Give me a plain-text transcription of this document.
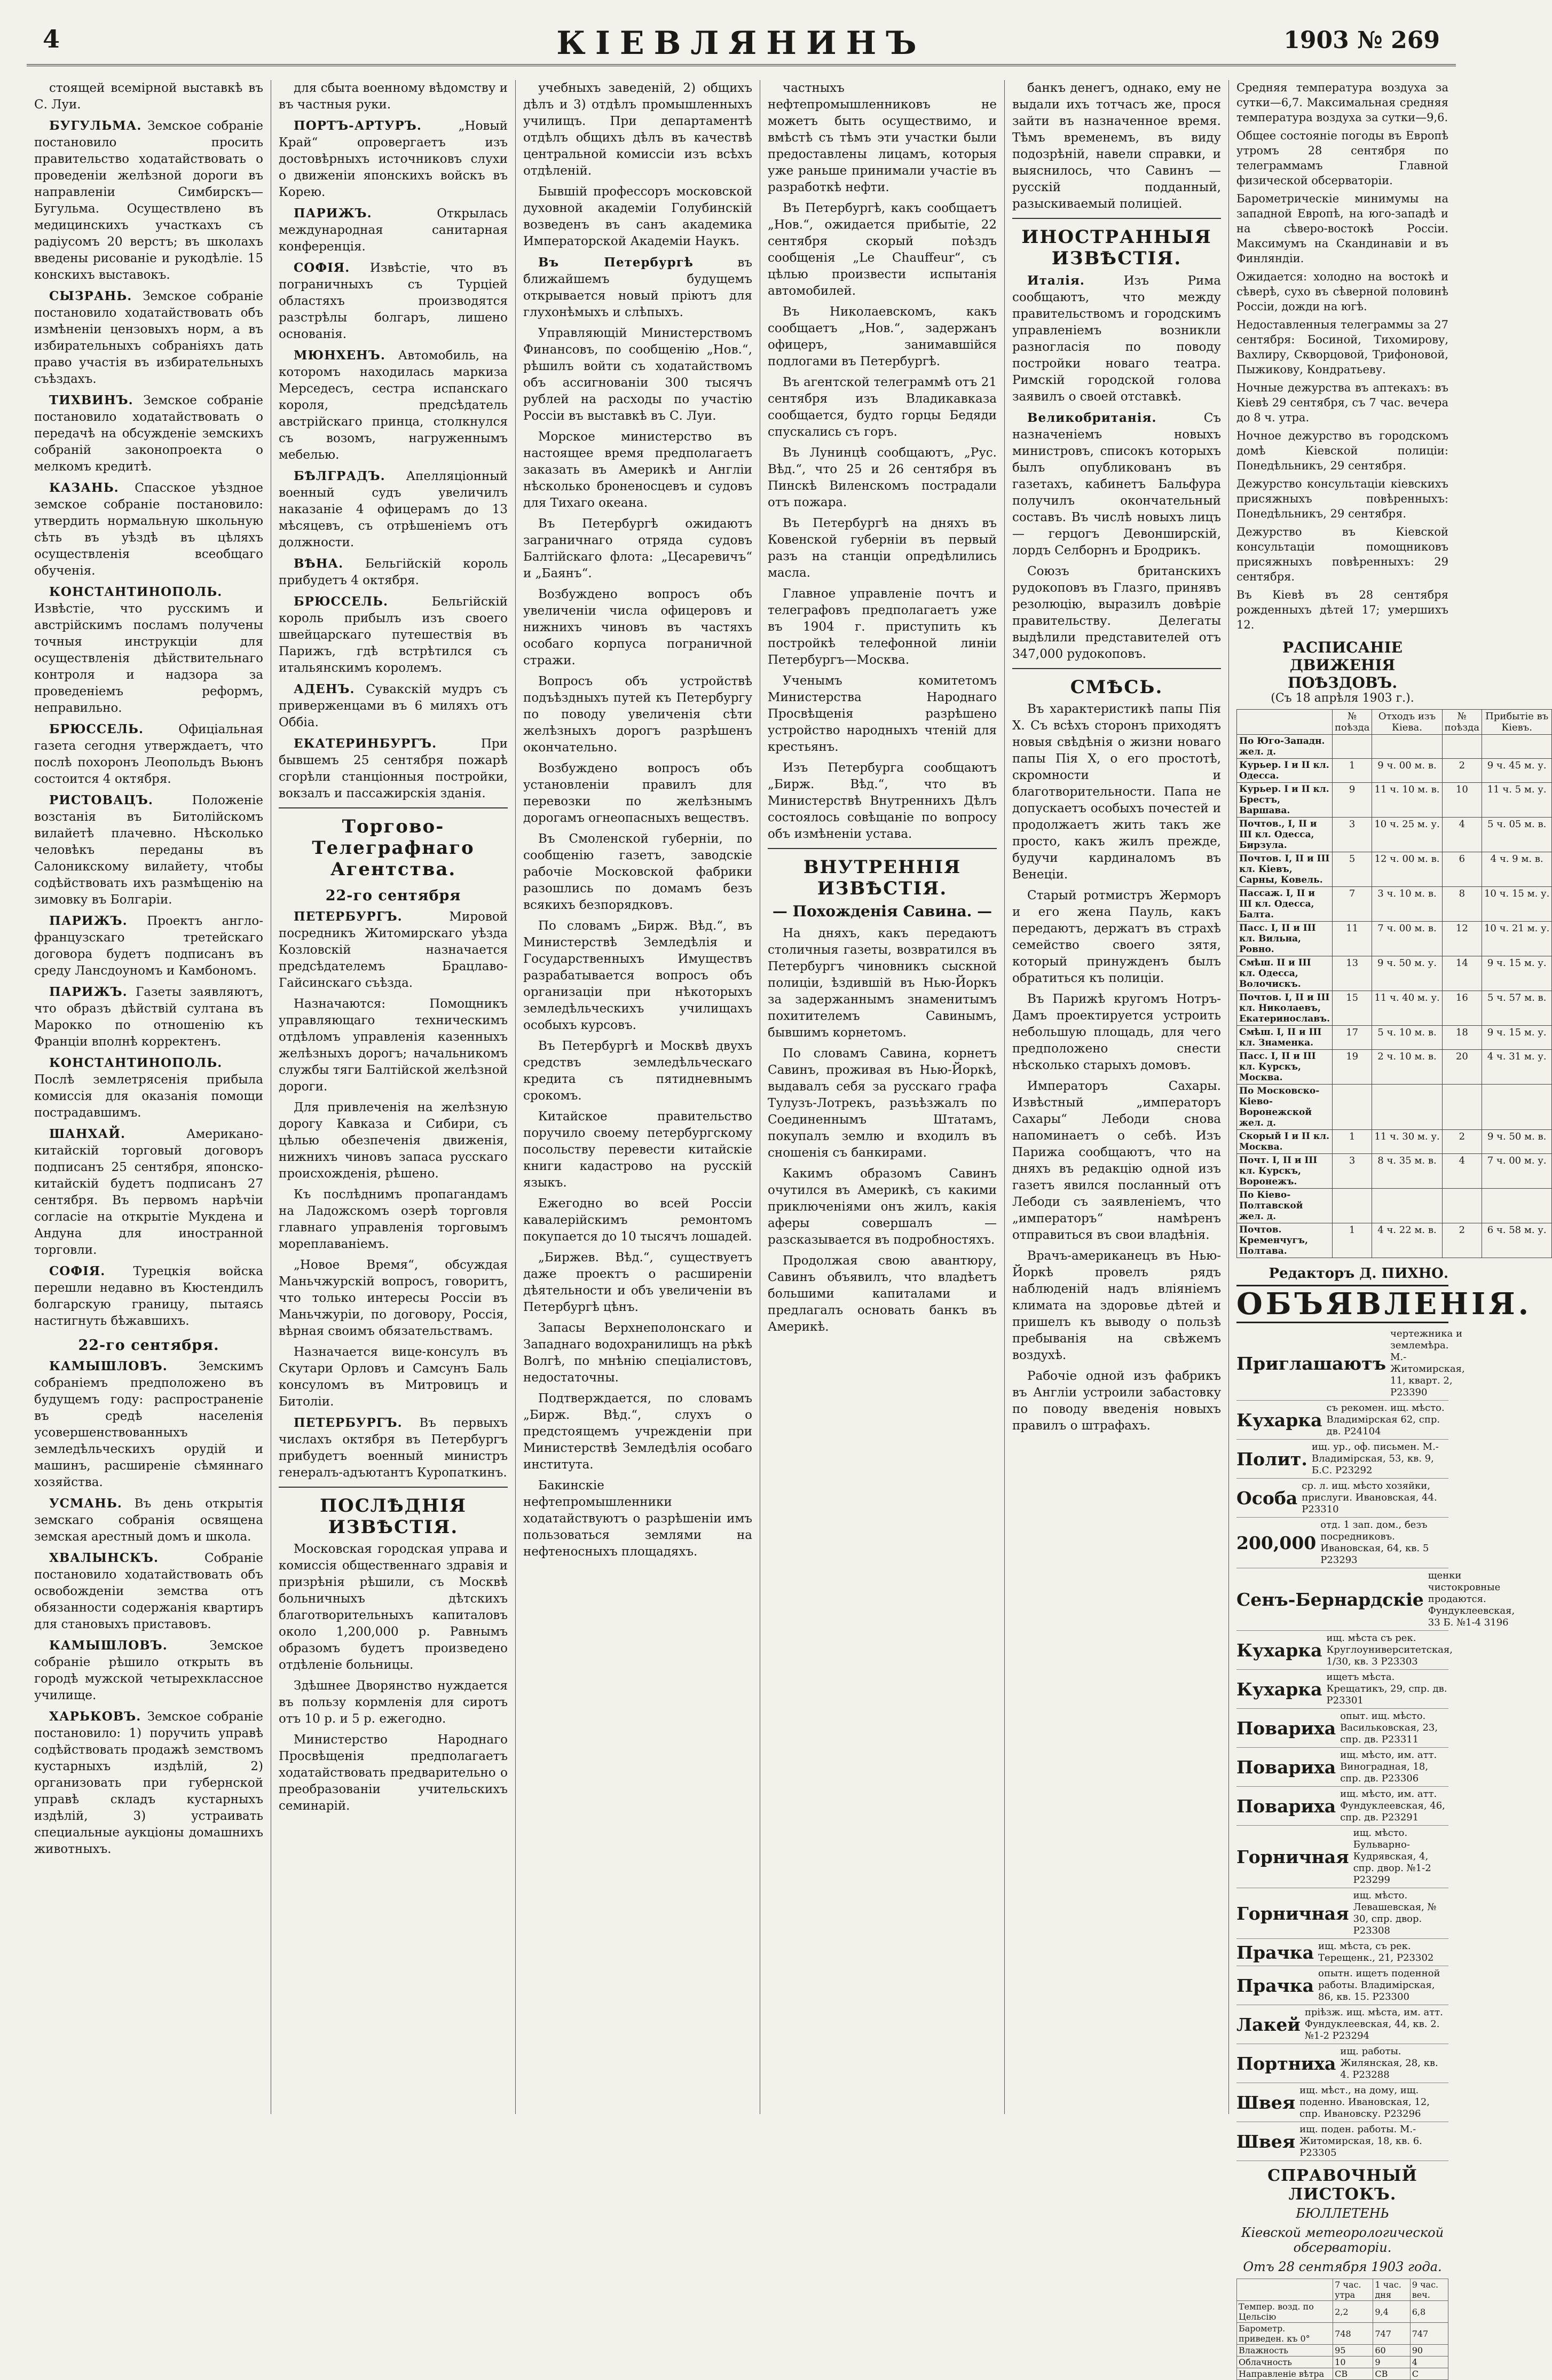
4	КІЕВЛЯНИНЪ	1903 № 269

стоящей всемірной выставкѣ въ С. Луи.

БУГУЛЬМА. Земское собраніе постановило просить правительство ходатайствовать о проведеніи желѣзной дороги въ направленіи Симбирскъ—Бугульма. Осуществлено въ медицинскихъ участкахъ съ радіусомъ 20 верстъ; въ школахъ введены рисованіе и рукодѣліе. 15 конскихъ выставокъ.

СЫЗРАНЬ. Земское собраніе постановило ходатайствовать объ измѣненіи цензовыхъ норм, а въ избирательныхъ собраніяхъ дать право участія въ избирательныхъ съѣздахъ.

ТИХВИНЪ. Земское собраніе постановило ходатайствовать о передачѣ на обсужденіе земскихъ собраній законопроекта о мелкомъ кредитѣ.

КАЗАНЬ. Спасское уѣздное земское собраніе постановило: утвердить нормальную школьную сѣть въ уѣздѣ въ цѣляхъ осуществленія всеобщаго обученія.

КОНСТАНТИНОПОЛЬ. Извѣстіе, что русскимъ и австрійскимъ посламъ получены точныя инструкціи для осуществленія дѣйствительнаго контроля и надзора за проведеніемъ реформъ, неправильно.

БРЮССЕЛЬ.	Офиціальная газета сегодня утверждаетъ, что послѣ похоронъ Леопольдъ Вьюнъ состоится 4 октября.

РИСТОВАЦЪ.	Положеніе возстанія въ Битолійскомъ вилайетѣ плачевно. Нѣсколько человѣкъ переданы въ Салоникскому вилайету, чтобы содѣйствовать ихъ размѣщенію на зимовку въ Болгаріи.

ПАРИЖЪ. Проектъ англо-французскаго третейскаго договора будетъ подписанъ въ среду Лансдоуномъ и Камбономъ.

ПАРИЖЪ. Газеты заявляютъ, что образъ дѣйствій султана въ Марокко по отношенію къ Франціи вполнѣ корректенъ.

КОНСТАНТИНОПОЛЬ. Послѣ землетрясенія прибыла комиссія для оказанія помощи пострадавшимъ.

ШАНХАЙ.	Американо-китайскій торговый договоръ подписанъ 25 сентября, японско-китайскій будетъ подписанъ 27 сентября. Въ первомъ нарѣчіи согласіе на открытіе Мукдена и Андуна для иностранной торговли.

СОФІЯ. Турецкія войска перешли недавно въ Кюстендилъ болгарскую границу, пытаясь настигнуть бѣжавшихъ.

22-го сентября.

КАМЫШЛОВЪ.	Земскимъ собраніемъ предположено въ будущемъ году: распространеніе въ средѣ населенія усовершенствованныхъ земледѣльческихъ орудій и машинъ, расширеніе сѣмяннаго хозяйства.

УСМАНЬ. Въ день открытія земскаго собранія освящена земская арестный домъ и школа.

ХВАЛЫНСКЪ.	Собраніе постановило ходатайствовать объ освобожденіи земства отъ обязанности содержанія квартиръ для становыхъ приставовъ.

КАМЫШЛОВЪ.	Земское собраніе рѣшило открыть въ городѣ мужской четырехклассное училище.

ХАРЬКОВЪ. Земское собраніе постановило: 1) поручить управѣ содѣйствовать продажѣ земствомъ кустарныхъ издѣлій, 2) организовать при губернской управѣ складъ кустарныхъ издѣлій, 3) устраивать специальные аукціоны домашнихъ животныхъ.

для сбыта военному вѣдомству и въ частныя руки.

ПОРТЪ-АРТУРЪ.	„Новый Край“ опровергаетъ изъ достовѣрныхъ источниковъ слухи о движеніи японскихъ войскъ въ Корею.

ПАРИЖЪ.	Открылась международная санитарная конференція.

СОФІЯ. Извѣстіе, что въ пограничныхъ съ Турціей областяхъ производятся разстрѣлы болгаръ, лишено основанія.

МЮНХЕНЪ. Автомобиль, на которомъ находилась маркиза Мерседесъ, сестра испанскаго короля, предсѣдатель австрійскаго принца, столкнулся съ возомъ, нагруженнымъ мебелью.

БѢЛГРАДЪ. Апелляціонный военный судъ увеличилъ наказаніе 4 офицерамъ до 13 мѣсяцевъ, съ отрѣшеніемъ отъ должности.

ВѢНА. Бельгійскій король прибудетъ 4 октября.

БРЮССЕЛЬ.	Бельгійскій король прибылъ изъ своего швейцарскаго путешествія въ Парижъ, гдѣ встрѣтился съ итальянскимъ королемъ.

АДЕНЪ. Сувакскій мудръ съ приверженцами въ 6 миляхъ отъ Оббіа.

ЕКАТЕРИНБУРГЪ.	При бывшемъ 25 сентября пожарѣ сгорѣли станціонныя постройки, вокзалъ и пассажирскія зданія.

Торгово-Телеграфнаго Агентства.
22-го сентября

ПЕТЕРБУРГЪ.	Мировой посредникъ Житомирскаго уѣзда Козловскій назначается предсѣдателемъ Брацлаво-Гайсинскаго съѣзда.

Назначаются: Помощникъ управляющаго техническимъ отдѣломъ управленія казенныхъ желѣзныхъ дорогъ; начальникомъ службы тяги Балтійской желѣзной дороги.

Для привлеченія на желѣзную дорогу Кавказа и Сибири, съ цѣлью обезпеченія движенія, нижнихъ чиновъ запаса русскаго происхожденія, рѣшено.

Къ послѣднимъ пропагандамъ на Ладожскомъ озерѣ торговля главнаго управленія торговымъ мореплаваніемъ.

„Новое Время“, обсуждая Маньчжурскій вопросъ, говоритъ, что только интересы Россіи въ Маньчжуріи, по договору, Россія, вѣрная своимъ обязательствамъ.

Назначается вице-консулъ въ Скутари Орловъ и Самсунъ Баль консуломъ въ Митровицъ и Битоліи.

ПЕТЕРБУРГЪ. Въ первыхъ числахъ октября въ Петербургъ прибудетъ военный министръ генералъ-адъютантъ Куропаткинъ.

ПОСЛѢДНІЯ ИЗВѢСТІЯ.

Московская городская управа и комиссія общественнаго здравія и призрѣнія рѣшили, съ Москвѣ больничныхъ дѣтскихъ благотворительныхъ капиталовъ около 1,200,000 р. Равнымъ образомъ будетъ произведено отдѣленіе больницы.

Здѣшнее Дворянство нуждается въ пользу кормленія для сиротъ отъ 10 р. и 5 р. ежегодно.

Министерство Народнаго Просвѣщенія предполагаетъ ходатайствовать предварительно о преобразованіи учительскихъ семинарій.

учебныхъ заведеній, 2) общихъ дѣлъ и 3) отдѣлъ промышленныхъ училищъ. При департаментѣ отдѣлъ общихъ дѣлъ въ качествѣ центральной комиссіи изъ всѣхъ отдѣленій.

Бывшій профессоръ московской духовной академіи Голубинскій возведенъ въ санъ академика Императорской Академіи Наукъ.

Въ Петербургѣ	въ ближайшемъ будущемъ открывается новый пріютъ для глухонѣмыхъ и слѣпыхъ.

Управляющій Министерствомъ Финансовъ, по сообщенію „Нов.“, рѣшилъ войти съ ходатайствомъ объ ассигнованіи 300 тысячъ рублей на расходы по участію Россіи въ выставкѣ въ С. Луи.

Морское министерство въ настоящее время предполагаетъ заказать въ Америкѣ и Англіи нѣсколько броненосцевъ и судовъ для Тихаго океана.

Въ Петербургѣ ожидаютъ заграничнаго отряда судовъ Балтійскаго флота: „Цесаревичъ“ и „Баянъ“.

Возбуждено вопросъ объ увеличеніи числа офицеровъ и нижнихъ чиновъ въ частяхъ особаго корпуса пограничной стражи.

Вопросъ объ устройствѣ подъѣздныхъ путей къ Петербургу по поводу увеличенія сѣти желѣзныхъ дорогъ разрѣшенъ окончательно.

Возбуждено вопросъ объ установленіи правилъ для перевозки по желѣзнымъ дорогамъ огнеопасныхъ веществъ.

Въ Смоленской губерніи, по сообщенію газетъ, заводскіе рабочіе Московской фабрики разошлись по домамъ безъ всякихъ безпорядковъ.

По словамъ „Бирж. Вѣд.“, въ Министерствѣ Земледѣлія и Государственныхъ Имуществъ разрабатывается вопросъ объ организаціи при нѣкоторыхъ земледѣльческихъ училищахъ особыхъ курсовъ.

Въ Петербургѣ и Москвѣ двухъ средствъ земледѣльческаго кредита съ пятидневнымъ срокомъ.

Китайское правительство поручило своему петербургскому посольству перевести китайскіе книги кадастрово на русскій языкъ.

Ежегодно во всей Россіи кавалерійскимъ ремонтомъ покупается до 10 тысячъ лошадей.

„Биржев. Вѣд.“, существуетъ даже проектъ о расширеніи дѣятельности и объ увеличеніи въ Петербургѣ цѣнъ.

Запасы Верхнеполонскаго и Западнаго водохранилищъ на рѣкѣ Волгѣ, по мнѣнію спеціалистовъ, недостаточны.

Подтверждается, по словамъ „Бирж. Вѣд.“, слухъ о предстоящемъ учрежденіи при Министерствѣ Земледѣлія особаго института.

Бакинскіе нефтепромышленники ходатайствуютъ о разрѣшеніи имъ пользоваться землями на нефтеносныхъ площадяхъ.

частныхъ нефтепромышленниковъ не можетъ быть осуществимо, и вмѣстѣ съ тѣмъ эти участки были предоставлены лицамъ, которыя уже раньше принимали участіе въ разработкѣ нефти.

Въ Петербургѣ, какъ сообщаетъ „Нов.“, ожидается прибытіе, 22 сентября скорый поѣздъ сообщенія „Le Chauffeur“, съ цѣлью произвести испытанія автомобилей.

Въ Николаевскомъ, какъ сообщаетъ „Нов.“, задержанъ офицеръ, занимавшійся подлогами въ Петербургѣ.

Въ агентской телеграммѣ отъ 21 сентября изъ Владикавказа сообщается, будто горцы Бедяди спускались съ горъ.

Въ Лунинцѣ сообщаютъ, „Рус. Вѣд.“, что 25 и 26 сентября въ Пинскѣ Виленскомъ пострадали отъ пожара.

Въ Петербургѣ на дняхъ въ Ковенской губерніи въ первый разъ на станціи опредѣлились масла.

Главное управленіе почтъ и телеграфовъ предполагаетъ уже въ 1904 г. приступить къ постройкѣ телефонной линіи Петербургъ—Москва.

Ученымъ комитетомъ Министерства Народнаго Просвѣщенія разрѣшено устройство народныхъ чтеній для крестьянъ.

Изъ Петербурга сообщаютъ „Бирж. Вѣд.“, что въ Министерствѣ Внутреннихъ Дѣлъ состоялось совѣщаніе по вопросу объ измѣненіи устава.

ВНУТРЕННІЯ ИЗВѢСТІЯ.
— Похожденія Савина. —

На дняхъ, какъ передаютъ столичныя газеты, возвратился въ Петербургъ чиновникъ сыскной полиціи, ѣздившій въ Нью-Йоркъ за задержаннымъ знаменитымъ похитителемъ Савинымъ, бывшимъ корнетомъ.

По словамъ Савина, корнетъ Савинъ, проживая въ Нью-Йоркѣ, выдавалъ себя за русскаго графа Тулузъ-Лотрекъ, разъѣзжалъ по Соединеннымъ Штатамъ, покупалъ землю и входилъ въ сношенія съ банкирами.

Какимъ образомъ Савинъ очутился въ Америкѣ, съ какими приключеніями онъ жилъ, какія аферы совершалъ — разсказывается въ подробностяхъ.

Продолжая свою авантюру, Савинъ объявилъ, что владѣетъ большими капиталами и предлагалъ основать банкъ въ Америкѣ.

банкъ денегъ, однако, ему не выдали ихъ тотчасъ же, прося зайти въ назначенное время. Тѣмъ временемъ, въ виду подозрѣній, навели справки, и выяснилось, что Савинъ — русскій подданный, разыскиваемый полиціей.

ИНОСТРАННЫЯ ИЗВѢСТІЯ.

Италія.	Изъ Рима сообщаютъ, что между правительствомъ и городскимъ управленіемъ возникли разногласія по поводу постройки новаго театра. Римскій городской голова заявилъ о своей отставкѣ.

Великобританія.	Съ назначеніемъ новыхъ министровъ, списокъ которыхъ былъ опубликованъ въ газетахъ, кабинетъ Бальфура получилъ окончательный составъ. Въ числѣ новыхъ лицъ — герцогъ Девонширскій, лордъ Селборнъ и Брoдрикъ.

Союзъ британскихъ рудокоповъ въ Глазго, принявъ резолюцію, выразилъ довѣріе правительству. Делегаты выдѣлили представителей отъ 347,000 рудокоповъ.

СМѢСЬ.

Въ характеристикѣ папы Пія X. Съ всѣхъ сторонъ приходятъ новыя свѣдѣнія о жизни новаго папы Пія X, о его простотѣ, скромности и благотворительности. Папа не допускаетъ особыхъ почестей и продолжаетъ жить такъ же просто, какъ жилъ прежде, будучи кардиналомъ въ Венеціи.

Старый ротмистръ Жерморъ и его жена Пауль, какъ передаютъ, держатъ въ страхѣ семейство своего зятя, который принужденъ былъ обратиться къ полиціи.

Въ Парижѣ кругомъ Нотръ-Дамъ проектируется устроить небольшую площадь, для чего предположено снести нѣсколько старыхъ домовъ.

Императоръ Сахары. Извѣстный „императоръ Сахары“ Лебоди снова напоминаетъ о себѣ. Изъ Парижа сообщаютъ, что на дняхъ въ редакцію одной изъ газетъ явился посланный отъ Лебоди съ заявленіемъ, что „императоръ“ намѣренъ отправиться въ свои владѣнія.

Врачъ-американецъ въ Нью-Йоркѣ провелъ рядъ наблюденій надъ вліяніемъ климата на здоровье дѣтей и пришелъ къ выводу о пользѣ пребыванія на свѣжемъ воздухѣ.

Рабочіе одной изъ фабрикъ въ Англіи устроили забастовку по поводу введенія новыхъ правилъ о штрафахъ.

Средняя температура воздуха за сутки—6,7. Максимальная средняя температура воздуха за сутки—9,6.

Общее состояніе погоды въ Европѣ утромъ 28 сентября по телеграммамъ Главной физической обсерваторіи.

Барометрическіе минимумы на западной Европѣ, на юго-западѣ и на сѣверо-востокѣ Россіи. Максимумъ на Скандинавіи и въ Финляндіи.

Ожидается: холодно на востокѣ и сѣверѣ, сухо въ сѣверной половинѣ Россіи, дожди на югѣ.

Недоставленныя телеграммы за 27 сентября: Босиной, Тихомирову, Вахлиру, Скворцовой, Трифоновой, Пыжикову, Кондратьеву.

Ночные дежурства въ аптекахъ: въ Кіевѣ 29 сентября, съ 7 час. вечера до 8 ч. утра.

Ночное дежурство въ городскомъ домѣ Кіевской полиціи: Понедѣльникъ, 29 сентября.

Дежурство консультаціи кіевскихъ присяжныхъ повѣренныхъ: Понедѣльникъ, 29 сентября.

Дежурство въ Кіевской консультаціи помощниковъ присяжныхъ повѣренныхъ: 29 сентября.

Въ Кіевѣ въ 28 сентября рожденныхъ дѣтей 17; умершихъ 12.

РАСПИСАНІЕ ДВИЖЕНІЯ ПОѢЗДОВЪ.
(Съ 18 апрѣля 1903 г.).
	№ поѣзда	Отходъ изъ Кіева.	№ поѣзда	Прибытіе въ Кіевъ.
По Юго-Западн. жел. д.				
Курьер. I и II кл. Одесса.	1	9 ч. 00 м. в.	2	9 ч. 45 м. у.
Курьер. I и II кл. Брестъ, Варшава.	9	11 ч. 10 м. в.	10	11 ч. 5 м. у.
Почтов., I, II и III кл. Одесса, Бирзула.	3	10 ч. 25 м. у.	4	5 ч. 05 м. в.
Почтов. I, II и III кл. Кіевъ, Сарны, Ковель.	5	12 ч. 00 м. в.	6	4 ч. 9 м. в.
Пассаж. I, II и III кл. Одесса, Балта.	7	3 ч. 10 м. в.	8	10 ч. 15 м. у.
Пасс. I, II и III кл. Вильна, Ровно.	11	7 ч. 00 м. в.	12	10 ч. 21 м. у.
Смѣш. II и III кл. Одесса, Волочискъ.	13	9 ч. 50 м. у.	14	9 ч. 15 м. у.
Почтов. I, II и III кл. Николаевъ, Екатеринославъ.	15	11 ч. 40 м. у.	16	5 ч. 57 м. в.
Смѣш. I, II и III кл. Знаменка.	17	5 ч. 10 м. в.	18	9 ч. 15 м. у.
Пасс. I, II и III кл. Курскъ, Москва.	19	2 ч. 10 м. в.	20	4 ч. 31 м. у.
По Московско-Кіево-Воронежской жел. д.				
Скорый I и II кл. Москва.	1	11 ч. 30 м. у.	2	9 ч. 50 м. в.
Почт. I, II и III кл. Курскъ, Воронежъ.	3	8 ч. 35 м. в.	4	7 ч. 00 м. у.
По Кіево-Полтавской жел. д.				
Почтов. Кременчугъ, Полтава.	1	4 ч. 22 м. в.	2	6 ч. 58 м. у.
Редакторъ Д. ПИХНО.
ОБЪЯВЛЕНІЯ.
Приглашаютъ
чертежника и землемѣра. М.-Житомирская, 11, кварт. 2, Р23390
Кухарка
съ рекомен. ищ. мѣсто. Владимірская 62, спр. дв. Р24104
Полит.
ищ. ур., оф. письмен. М.-Владимірская, 53, кв. 9, Б.С. Р23292
Особа
ср. л. ищ. мѣсто хозяйки, прислуги. Ивановская, 44. Р23310
200,000
отд. 1 зап. дом., безъ посредниковъ. Ивановская, 64, кв. 5 Р23293
Сенъ-Бернардскіе
щенки чистокровные продаются. Фундуклеевская, 33 Б. №1-4 3196
Кухарка
ищ. мѣста съ рек. Круглоуниверситетская, 1/30, кв. 3 Р23303
Кухарка
ищетъ мѣста. Крещатикъ, 29, спр. дв. Р23301
Повариха
опыт. ищ. мѣсто. Васильковская, 23, спр. дв. Р23311
Повариха
ищ. мѣсто, им. атт. Виноградная, 18, спр. дв. Р23306
Повариха
ищ. мѣсто, им. атт. Фундуклеевская, 46, спр. дв. Р23291
Горничная
ищ. мѣсто. Бульварно-Кудрявская, 4, спр. двор. №1-2 Р23299
Горничная
ищ. мѣсто. Левашевская, № 30, спр. двор. Р23308
Прачка ищ. мѣста, съ рек. Терещенк., 21, Р23302
Прачка
опытн. ищетъ поденной работы. Владимірская, 86, кв. 15. Р23300
Лакей
пріѣзж. ищ. мѣста, им. атт. Фундуклеевская, 44, кв. 2. №1-2 Р23294
Портниха
ищ. работы. Жилянская, 28, кв. 4. Р23288
Швея
ищ. мѣст., на дому, ищ. поденно. Ивановская, 12, спр. Ивановску. Р23296
Швея
ищ. поден. работы. М.-Житомирская, 18, кв. 6. Р23305
СПРАВОЧНЫЙ ЛИСТОКЪ.
БЮЛЛЕТЕНЬ
Кіевской метеорологической обсерваторіи.
Отъ 28 сентября 1903 года.
	7 час. утра	1 час. дня	9 час. веч.
Темпер. возд. по Цельсію	2,2	9,4	6,8
Барометр. приведен. къ 0°	748	747	747
Влажность	95	60	90
Облачность	10	9	4
Направленіе вѣтра	СВ	СВ	С
